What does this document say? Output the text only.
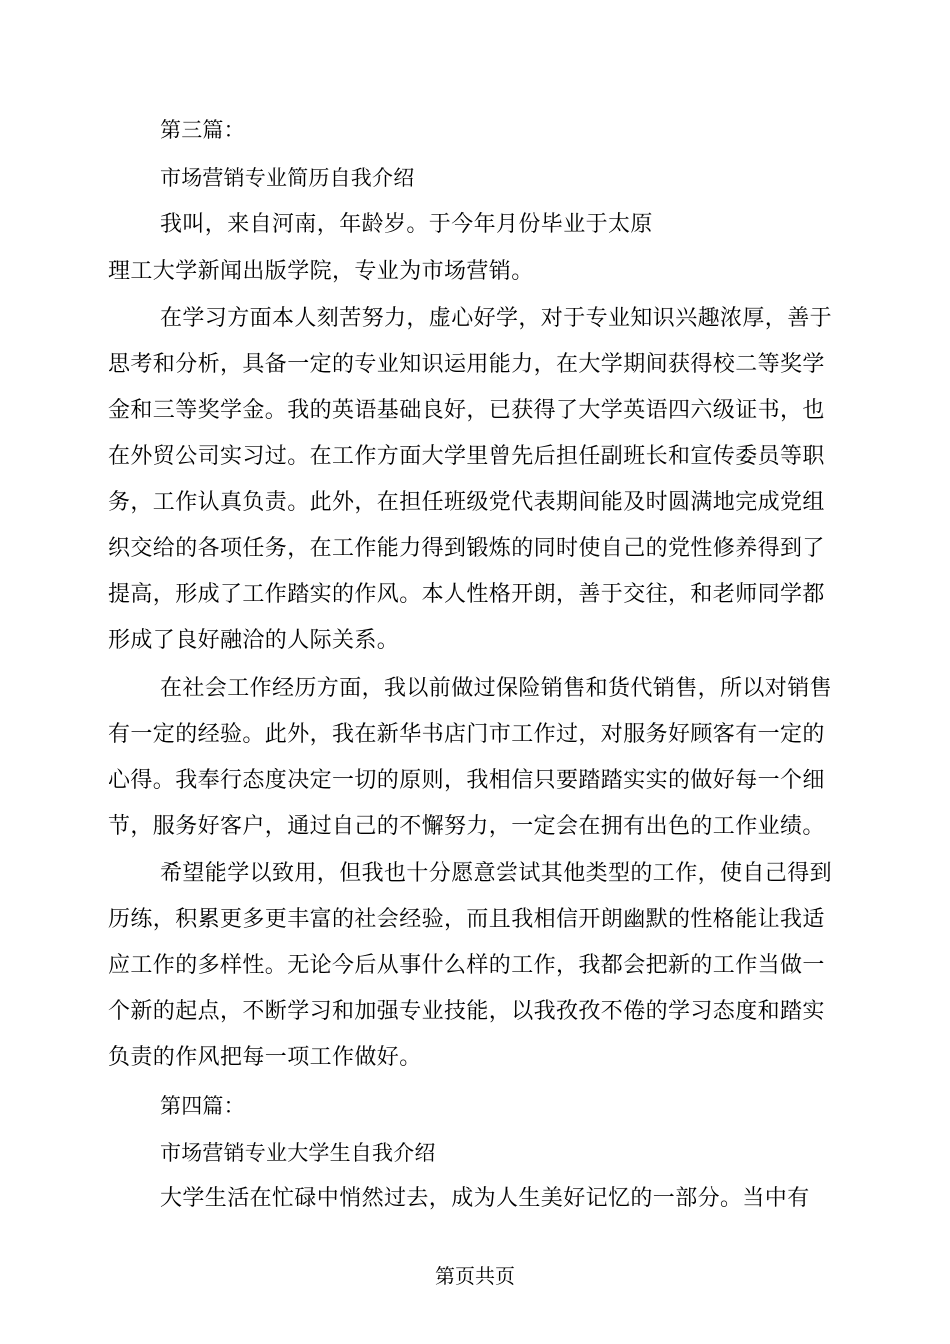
第三篇：
市场营销专业简历自我介绍
我叫，来自河南，年龄岁。于今年月份毕业于太原
理工大学新闻出版学院，专业为市场营销。
在学习方面本人刻苦努力，虚心好学，对于专业知识兴趣浓厚，善于
思考和分析，具备一定的专业知识运用能力，在大学期间获得校二等奖学
金和三等奖学金。我的英语基础良好，已获得了大学英语四六级证书，也
在外贸公司实习过。在工作方面大学里曾先后担任副班长和宣传委员等职
务，工作认真负责。此外，在担任班级党代表期间能及时圆满地完成党组
织交给的各项任务，在工作能力得到锻炼的同时使自己的党性修养得到了
提高，形成了工作踏实的作风。本人性格开朗，善于交往，和老师同学都
形成了良好融洽的人际关系。
在社会工作经历方面，我以前做过保险销售和货代销售，所以对销售
有一定的经验。此外，我在新华书店门市工作过，对服务好顾客有一定的
心得。我奉行态度决定一切的原则，我相信只要踏踏实实的做好每一个细
节，服务好客户，通过自己的不懈努力，一定会在拥有出色的工作业绩。
希望能学以致用，但我也十分愿意尝试其他类型的工作，使自己得到
历练，积累更多更丰富的社会经验，而且我相信开朗幽默的性格能让我适
应工作的多样性。无论今后从事什么样的工作，我都会把新的工作当做一
个新的起点，不断学习和加强专业技能，以我孜孜不倦的学习态度和踏实
负责的作风把每一项工作做好。
第四篇：
市场营销专业大学生自我介绍
大学生活在忙碌中悄然过去，成为人生美好记忆的一部分。当中有
第页共页
